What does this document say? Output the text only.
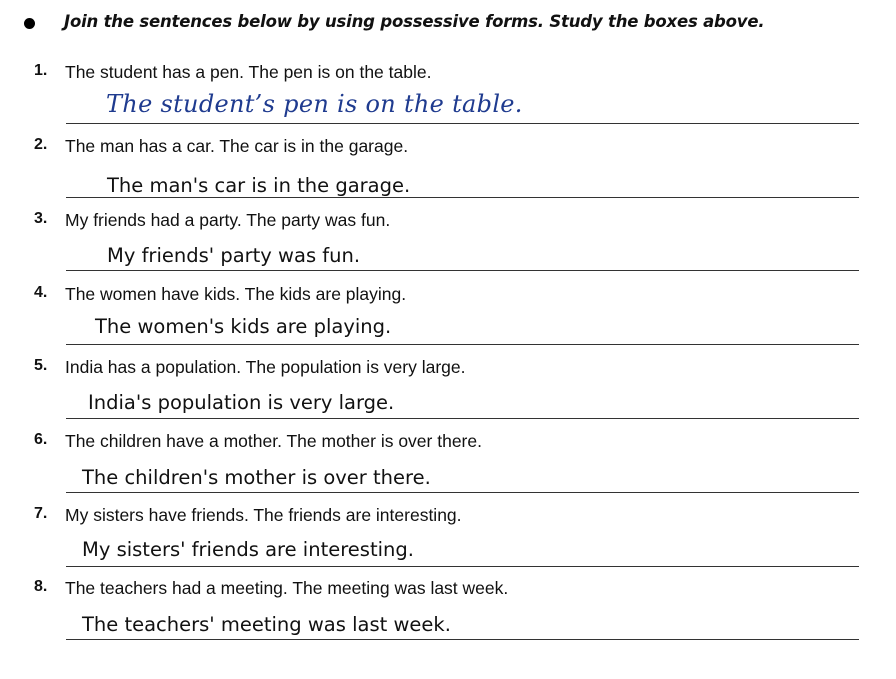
Join the sentences below by using possessive forms. Study the boxes above.
1. The student has a pen. The pen is on the table.
The student’s pen is on the table.
2. The man has a car. The car is in the garage.
The man's car is in the garage.
3. My friends had a party. The party was fun.
My friends' party was fun.
4. The women have kids. The kids are playing.
The women's kids are playing.
5. India has a population. The population is very large.
India's population is very large.
6. The children have a mother. The mother is over there.
The children's mother is over there.
7. My sisters have friends. The friends are interesting.
My sisters' friends are interesting.
8. The teachers had a meeting. The meeting was last week.
The teachers' meeting was last week.
